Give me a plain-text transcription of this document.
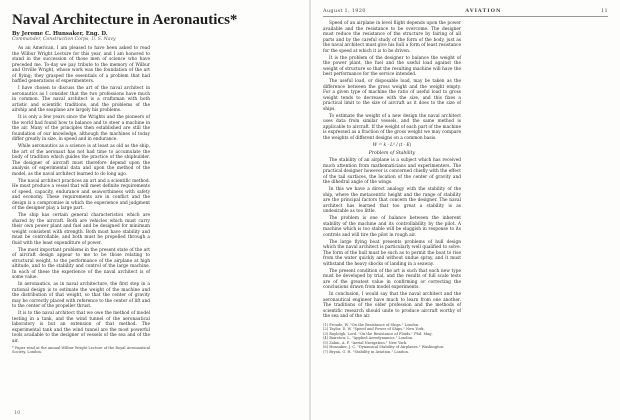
Naval Architecture in Aeronautics*

By Jerome C. Hunsaker, Eng. D.

Commander, Construction Corps, U. S. Navy

As an American, I am pleased to have been asked to read the Wilbur Wright Lecture for this year, and I am honored to stand in the succession of those men of science who have preceded me. To-day we pay tribute to the memory of Wilbur and Orville Wright, whose work was the foundation of the art of flying; they grasped the essentials of a problem that had baffled generations of experimenters.

I have chosen to discuss the art of the naval architect in aeronautics as I consider that the two professions have much in common. The naval architect is a craftsman with both artistic and scientific traditions, and the problems of the airship and the seaplane are largely his problems.

It is only a few years since the Wrights and the pioneers of the world had found how to balance and to steer a machine in the air. Many of the principles then established are still the foundation of our knowledge, although the machines of today differ greatly in size, in speed and in endurance.

While aeronautics as a science is at least as old as the ship, the art of the aeronaut has not had time to accumulate the body of tradition which guides the practice of the shipbuilder. The designer of aircraft must therefore depend upon the analysis of experimental data and upon the method of the model, as the naval architect learned to do long ago.

The naval architect practices an art and a scientific method. He must produce a vessel that will meet definite requirements of speed, capacity, endurance and seaworthiness with safety and economy. These requirements are in conflict and the design is a compromise in which the experience and judgment of the designer play a large part.

The ship has certain general characteristics which are shared by the aircraft. Both are vehicles which must carry their own power plant and fuel and be designed for minimum weight consistent with strength. Both must have stability and must be controllable, and both must be propelled through a fluid with the least expenditure of power.

The most important problems in the present state of the art of aircraft design appear to me to be those relating to structural weight, to the performance of the airplane at high altitude, and to the stability and control of the large machine. In each of these the experience of the naval architect is of some value.

In aeronautics, as in naval architecture, the first step in a rational design is to estimate the weight of the machine and the distribution of that weight, so that the center of gravity may be correctly placed with reference to the center of lift and to the center of the propeller thrust.

It is to the naval architect that we owe the method of model testing in a tank, and the wind tunnel of the aeronautical laboratory is but an extension of that method. The experimental tank and the wind tunnel are the most powerful tools available to the designer of vessels of the sea and of the air.

* Paper read at the annual Wilbur Wright Lecture of the Royal Aeronautical Society, London.

10
August 1, 1920	AVIATION	11

Speed of an airplane in level flight depends upon the power available and the resistance to be overcome. The designer must reduce the resistance of the structure by fairing of all parts and by the careful study of the form of the body, just as the naval architect must give his hull a form of least resistance for the speed at which it is to be driven.

It is the problem of the designer to balance the weight of the power plant, the fuel and the useful load against the weight of structure so that the resulting machine will have the best performance for the service intended.

The useful load, or disposable load, may be taken as the difference between the gross weight and the weight empty. For a given type of machine the ratio of useful load to gross weight tends to decrease with the size, and this fixes a practical limit to the size of aircraft as it does to the size of ships.

To estimate the weight of a new design the naval architect uses data from similar vessels, and the same method is applicable to aircraft. If the weight of each part of the machine is expressed as a fraction of the gross weight we may compare the weights of different designs on a common basis.

W = k · L³ / (t · E)

Problem of Stability

The stability of an airplane is a subject which has received much attention from mathematicians and experimenters. The practical designer however is concerned chiefly with the effect of the tail surfaces, the location of the center of gravity and the dihedral angle of the wings.

In this we have a direct analogy with the stability of the ship, where the metacentric height and the range of stability are the principal factors that concern the designer. The naval architect has learned that too great a stability is as undesirable as too little.

The problem is one of balance between the inherent stability of the machine and its controllability by the pilot. A machine which is too stable will be sluggish in response to its controls and will tire the pilot in rough air.

The large flying boat presents problems of hull design which the naval architect is particularly well qualified to solve. The form of the hull must be such as to permit the boat to rise from the water quickly and without undue spray, and it must withstand the heavy shocks of landing in a seaway.

The present condition of the art is such that each new type must be developed by trial, and the results of full scale tests are of the greatest value in confirming or correcting the conclusions drawn from model experiments.

In conclusion, I would say that the naval architect and the aeronautical engineer have much to learn from one another. The traditions of the older profession and the methods of scientific research should unite to produce aircraft worthy of the sea and of the air.

(1) Froude, W. "On the Resistance of Ships." London.
(2) Taylor, D. W. "Speed and Power of Ships." New York.
(3) Rayleigh, Lord. "On the Resistance of Fluids." Phil. Mag.
(4) Bairstow, L. "Applied Aerodynamics." London.
(5) Zahm, A. F. "Aerial Navigation." New York.
(6) Hunsaker, J. C. "Dynamical Stability of Airplanes." Washington.
(7) Bryan, G. H. "Stability in Aviation." London.
